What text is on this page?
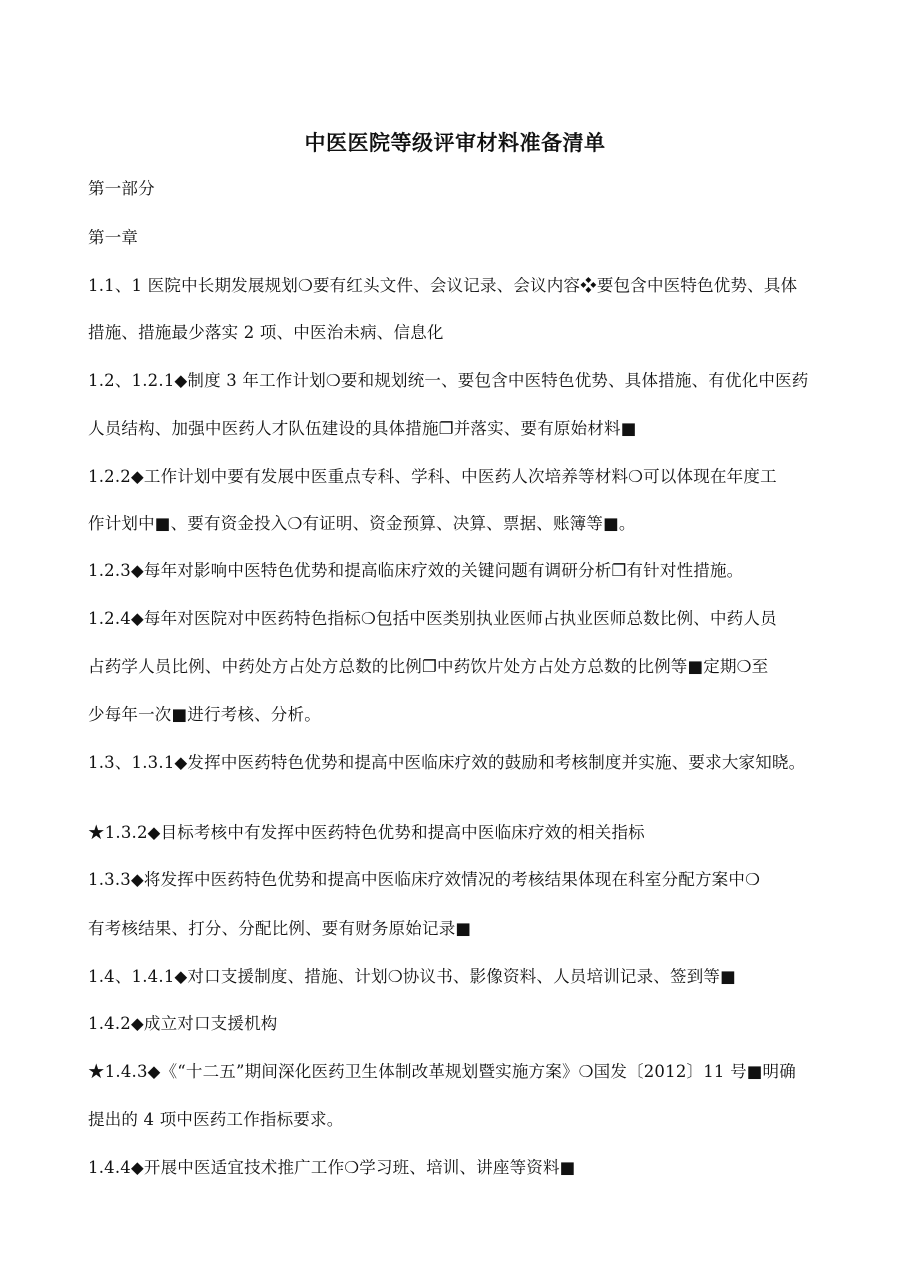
中医医院等级评审材料准备清单
第一部分
第一章
1.1、1 医院中长期发展规划❍要有红头文件、会议记录、会议内容❖要包含中医特色优势、具体
措施、措施最少落实 2 项、中医治未病、信息化
1.2、1.2.1◆制度 3 年工作计划❍要和规划统一、要包含中医特色优势、具体措施、有优化中医药
人员结构、加强中医药人才队伍建设的具体措施❐并落实、要有原始材料■
1.2.2◆工作计划中要有发展中医重点专科、学科、中医药人次培养等材料❍可以体现在年度工
作计划中■、要有资金投入❍有证明、资金预算、决算、票据、账簿等■。
1.2.3◆每年对影响中医特色优势和提高临床疗效的关键问题有调研分析❐有针对性措施。
1.2.4◆每年对医院对中医药特色指标❍包括中医类别执业医师占执业医师总数比例、中药人员
占药学人员比例、中药处方占处方总数的比例❐中药饮片处方占处方总数的比例等■定期❍至
少每年一次■进行考核、分析。
1.3、1.3.1◆发挥中医药特色优势和提高中医临床疗效的鼓励和考核制度并实施、要求大家知晓。
★1.3.2◆目标考核中有发挥中医药特色优势和提高中医临床疗效的相关指标
1.3.3◆将发挥中医药特色优势和提高中医临床疗效情况的考核结果体现在科室分配方案中❍
有考核结果、打分、分配比例、要有财务原始记录■
1.4、1.4.1◆对口支援制度、措施、计划❍协议书、影像资料、人员培训记录、签到等■
1.4.2◆成立对口支援机构
★1.4.3◆《“十二五”期间深化医药卫生体制改革规划暨实施方案》❍国发〔2012〕11 号■明确
提出的 4 项中医药工作指标要求。
1.4.4◆开展中医适宜技术推广工作❍学习班、培训、讲座等资料■
